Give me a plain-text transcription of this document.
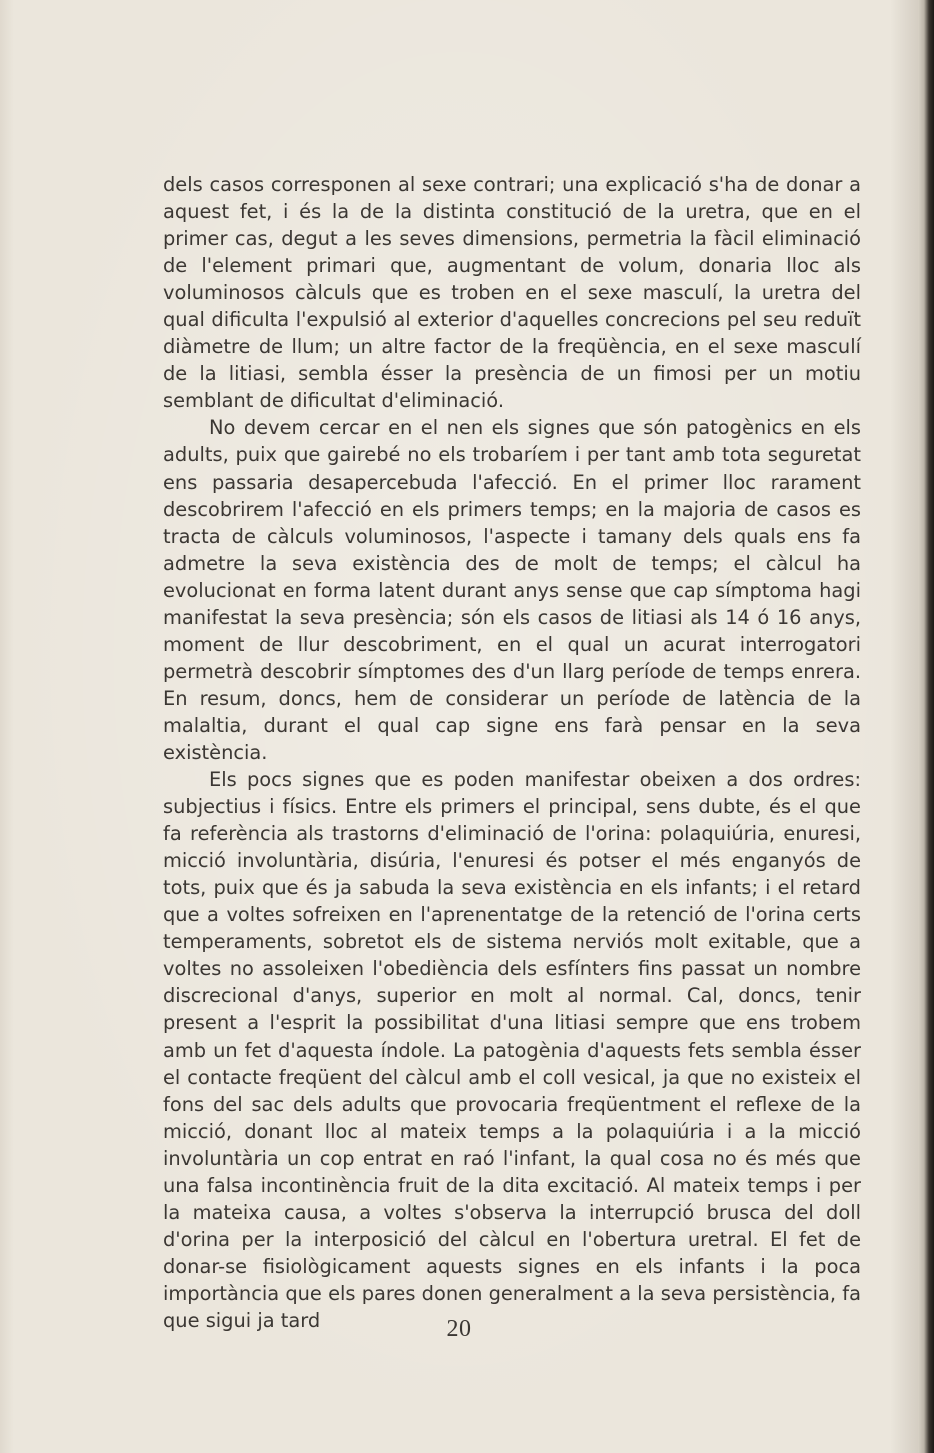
dels casos corresponen al sexe contrari; una explicació s'ha de donar a aquest fet, i és la de la distinta constitució de la uretra, que en el primer cas, degut a les seves dimensions, permetria la fàcil eliminació de l'element primari que, augmentant de volum, donaria lloc als voluminosos càlculs que es troben en el sexe masculí, la uretra del qual dificulta l'expulsió al exterior d'aquelles concrecions pel seu reduït diàmetre de llum; un altre factor de la freqüència, en el sexe masculí de la litiasi, sembla ésser la presència de un fimosi per un motiu semblant de dificultat d'eliminació.

No devem cercar en el nen els signes que són patogènics en els adults, puix que gairebé no els trobaríem i per tant amb tota seguretat ens passaria desapercebuda l'afecció. En el primer lloc rarament descobrirem l'afecció en els primers temps; en la majoria de casos es tracta de càlculs voluminosos, l'aspecte i tamany dels quals ens fa admetre la seva existència des de molt de temps; el càlcul ha evolucionat en forma latent durant anys sense que cap símptoma hagi manifestat la seva presència; són els casos de litiasi als 14 ó 16 anys, moment de llur descobriment, en el qual un acurat interrogatori permetrà descobrir símptomes des d'un llarg període de temps enrera. En resum, doncs, hem de considerar un període de latència de la malaltia, durant el qual cap signe ens farà pensar en la seva existència.

Els pocs signes que es poden manifestar obeixen a dos ordres: subjectius i físics. Entre els primers el principal, sens dubte, és el que fa referència als trastorns d'eliminació de l'orina: polaquiúria, enuresi, micció involuntària, disúria, l'enuresi és potser el més enganyós de tots, puix que és ja sabuda la seva existència en els infants; i el retard que a voltes sofreixen en l'aprenentatge de la retenció de l'orina certs temperaments, sobretot els de sistema nerviós molt exitable, que a voltes no assoleixen l'obediència dels esfínters fins passat un nombre discrecional d'anys, superior en molt al normal. Cal, doncs, tenir present a l'esprit la possibilitat d'una litiasi sempre que ens trobem amb un fet d'aquesta índole. La patogènia d'aquests fets sembla ésser el contacte freqüent del càlcul amb el coll vesical, ja que no existeix el fons del sac dels adults que provocaria freqüentment el reflexe de la micció, donant lloc al mateix temps a la polaquiúria i a la micció involuntària un cop entrat en raó l'infant, la qual cosa no és més que una falsa incontinència fruit de la dita excitació. Al mateix temps i per la mateixa causa, a voltes s'observa la interrupció brusca del doll d'orina per la interposició del càlcul en l'obertura uretral. El fet de donar-se fisiològicament aquests signes en els infants i la poca importància que els pares donen generalment a la seva persistència, fa que sigui ja tard	20
